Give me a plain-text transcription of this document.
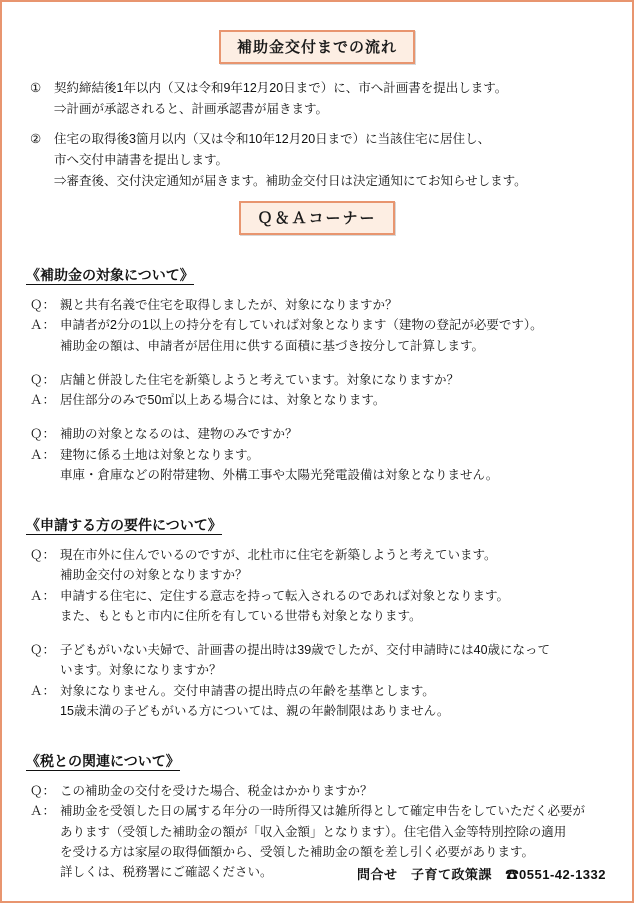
補助金交付までの流れ
①	契約締結後1年以内（又は令和9年12月20日まで）に、市へ計画書を提出します。
⇒計画が承認されると、計画承認書が届きます。
②	住宅の取得後3箇月以内（又は令和10年12月20日まで）に当該住宅に居住し、
市へ交付申請書を提出します。
⇒審査後、交付決定通知が届きます。補助金交付日は決定通知にてお知らせします。
Ｑ＆Ａコーナー
《補助金の対象について》
Ｑ： 親と共有名義で住宅を取得しましたが、対象になりますか？
Ａ： 申請者が2分の1以上の持分を有していれば対象となります（建物の登記が必要です）。
補助金の額は、申請者が居住用に供する面積に基づき按分して計算します。
Ｑ： 店舗と併設した住宅を新築しようと考えています。対象になりますか？
Ａ： 居住部分のみで50㎡以上ある場合には、対象となります。
Ｑ： 補助の対象となるのは、建物のみですか？
Ａ： 建物に係る土地は対象となります。
車庫・倉庫などの附帯建物、外構工事や太陽光発電設備は対象となりません。
《申請する方の要件について》
Ｑ： 現在市外に住んでいるのですが、北杜市に住宅を新築しようと考えています。
補助金交付の対象となりますか？
Ａ： 申請する住宅に、定住する意志を持って転入されるのであれば対象となります。
また、もともと市内に住所を有している世帯も対象となります。
Ｑ： 子どもがいない夫婦で、計画書の提出時は39歳でしたが、交付申請時には40歳になって
います。対象になりますか？
Ａ： 対象になりません。交付申請書の提出時点の年齢を基準とします。
15歳未満の子どもがいる方については、親の年齢制限はありません。
《税との関連について》
Ｑ： この補助金の交付を受けた場合、税金はかかりますか？
Ａ： 補助金を受領した日の属する年分の一時所得又は雑所得として確定申告をしていただく必要が
あります（受領した補助金の額が「収入金額」となります）。住宅借入金等特別控除の適用
を受ける方は家屋の取得価額から、受領した補助金の額を差し引く必要があります。
詳しくは、税務署にご確認ください。	問合せ　子育て政策課　☎0551-42-1332
